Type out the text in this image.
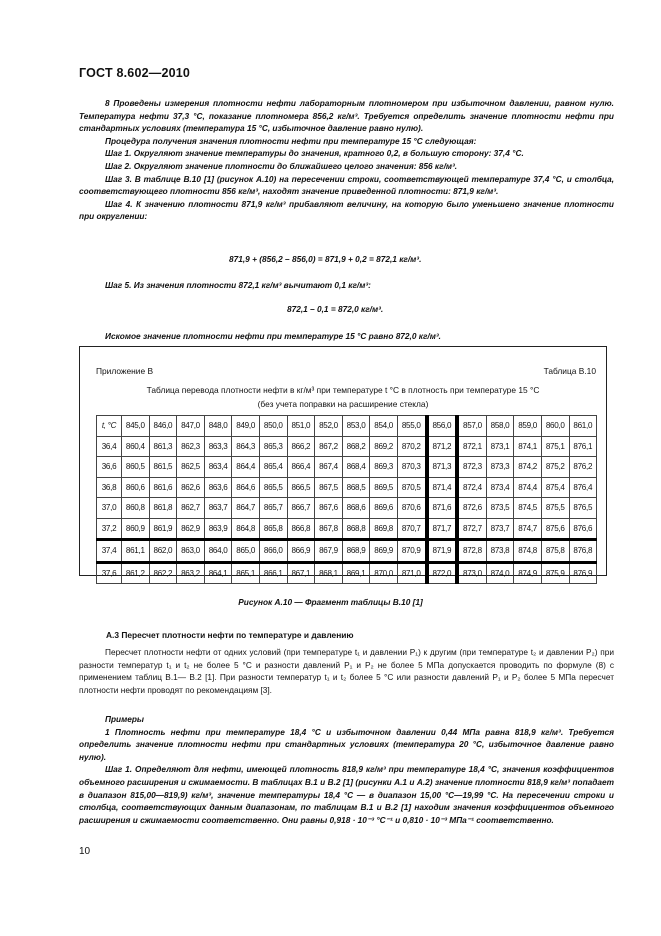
ГОСТ 8.602—2010

8 Проведены измерения плотности нефти лабораторным плотномером при избыточном давлении, равном нулю. Температура нефти 37,3 °C, показание плотномера 856,2 кг/м³. Требуется определить значение плотности нефти при стандартных условиях (температура 15 °C, избыточное давление равно нулю).

Процедура получения значения плотности нефти при температуре 15 °C следующая:

Шаг 1. Округляют значение температуры до значения, кратного 0,2, в большую сторону: 37,4 °C.

Шаг 2. Округляют значение плотности до ближайшего целого значения: 856 кг/м³.

Шаг 3. В таблице В.10 [1] (рисунок А.10) на пересечении строки, соответствующей температуре 37,4 °C, и столбца, соответствующего плотности 856 кг/м³, находят значение приведенной плотности: 871,9 кг/м³.

Шаг 4. К значению плотности 871,9 кг/м³ прибавляют величину, на которую было уменьшено значение плотности при округлении:

871,9 + (856,2 – 856,0) = 871,9 + 0,2 = 872,1 кг/м³.

Шаг 5. Из значения плотности 872,1 кг/м³ вычитают 0,1 кг/м³:

872,1 – 0,1 = 872,0 кг/м³.

Искомое значение плотности нефти при температуре 15 °C равно 872,0 кг/м³.

Приложение В	Таблица В.10
Таблица перевода плотности нефти в кг/м³ при температуре t °C в плотность при температуре 15 °C
(без учета поправки на расширение стекла)
t, °C	845,0	846,0	847,0	848,0	849,0	850,0	851,0	852,0	853,0	854,0	855,0	856,0	857,0	858,0	859,0	860,0	861,0
36,4	860,4	861,3	862,3	863,3	864,3	865,3	866,2	867,2	868,2	869,2	870,2	871,2	872,1	873,1	874,1	875,1	876,1
36,6	860,5	861,5	862,5	863,4	864,4	865,4	866,4	867,4	868,4	869,3	870,3	871,3	872,3	873,3	874,2	875,2	876,2
36,8	860,6	861,6	862,6	863,6	864,6	865,5	866,5	867,5	868,5	869,5	870,5	871,4	872,4	873,4	874,4	875,4	876,4
37,0	860,8	861,8	862,7	863,7	864,7	865,7	866,7	867,6	868,6	869,6	870,6	871,6	872,6	873,5	874,5	875,5	876,5
37,2	860,9	861,9	862,9	863,9	864,8	865,8	866,8	867,8	868,8	869,8	870,7	871,7	872,7	873,7	874,7	875,6	876,6
37,4	861,1	862,0	863,0	864,0	865,0	866,0	866,9	867,9	868,9	869,9	870,9	871,9	872,8	873,8	874,8	875,8	876,8
37,6	861,2	862,2	863,2	864,1	865,1	866,1	867,1	868,1	869,1	870,0	871,0	872,0	873,0	874,0	874,9	875,9	876,9
Рисунок А.10 — Фрагмент таблицы В.10 [1]
А.3 Пересчет плотности нефти по температуре и давлению

Пересчет плотности нефти от одних условий (при температуре t₁ и давлении P₁) к другим (при температуре t₂ и давлении P₂) при разности температур t₁ и t₂ не более 5 °C и разности давлений P₁ и P₂ не более 5 МПа допускается проводить по формуле (8) с применением таблиц В.1— В.2 [1]. При разности температур t₁ и t₂ более 5 °C или разности давлений P₁ и P₂ более 5 МПа пересчет плотности нефти проводят по рекомендациям [3].

Примеры

1 Плотность нефти при температуре 18,4 °C и избыточном давлении 0,44 МПа равна 818,9 кг/м³. Требуется определить значение плотности нефти при стандартных условиях (температура 20 °C, избыточное давление равно нулю).

Шаг 1. Определяют для нефти, имеющей плотность 818,9 кг/м³ при температуре 18,4 °C, значения коэффициентов объемного расширения и сжимаемости. В таблицах В.1 и В.2 [1] (рисунки А.1 и А.2) значение плотности 818,9 кг/м³ попадает в диапазон 815,00—819,9) кг/м³, значение температуры 18,4 °C — в диапазон 15,00 °C—19,99 °C. На пересечении строки и столбца, соответствующих данным диапазонам, по таблицам В.1 и В.2 [1] находим значения коэффициентов объемного расширения и сжимаемости соответственно. Они равны 0,918 · 10⁻³ °C⁻¹ и 0,810 · 10⁻³ МПа⁻¹ соответственно.

10
